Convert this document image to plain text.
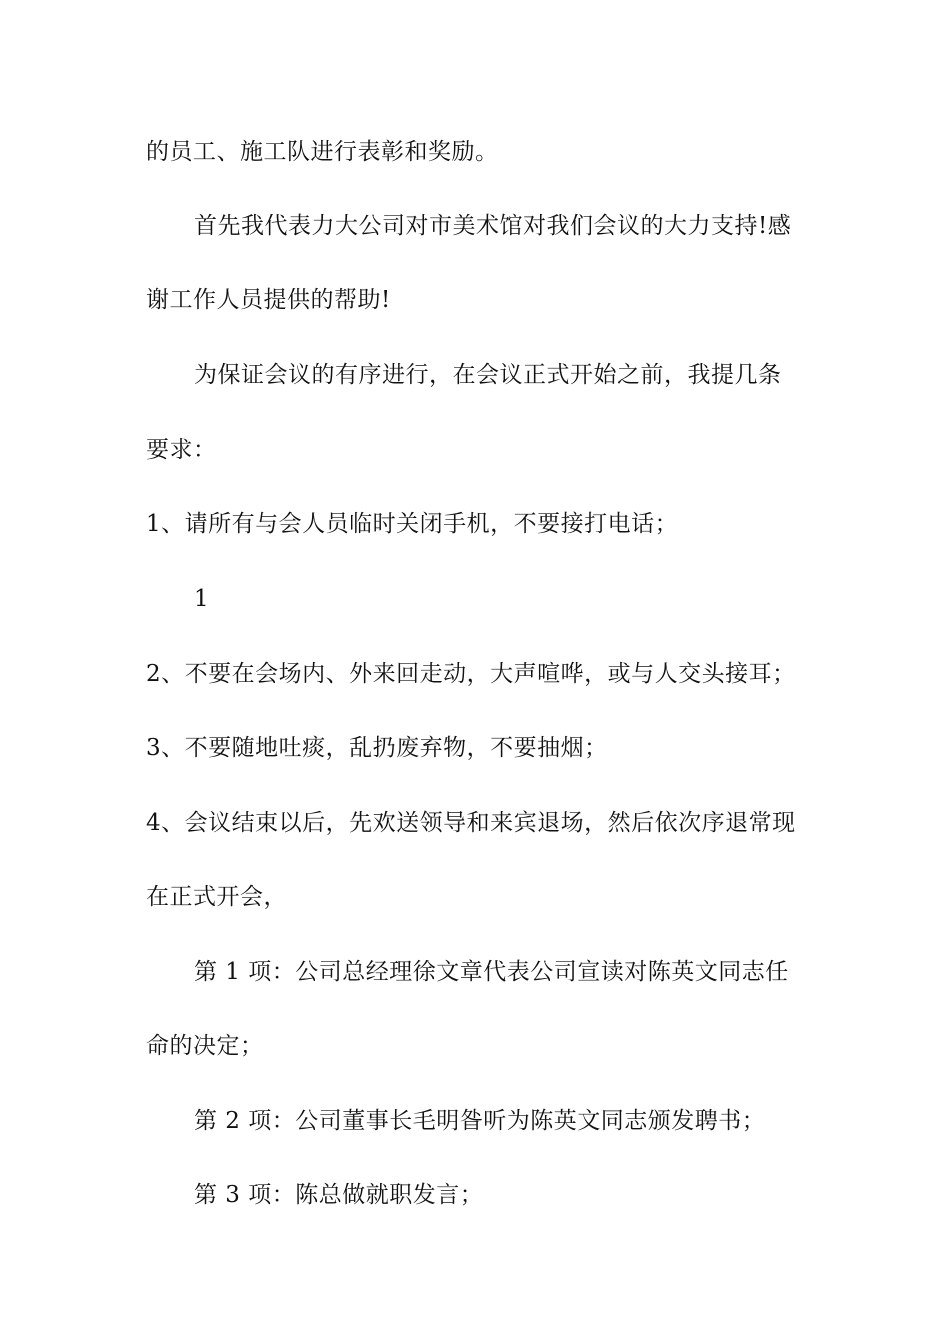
的员工、施工队进行表彰和奖励。
首先我代表力大公司对市美术馆对我们会议的大力支持!感
谢工作人员提供的帮助!
为保证会议的有序进行，在会议正式开始之前，我提几条
要求：
1、请所有与会人员临时关闭手机，不要接打电话；
1
2、不要在会场内、外来回走动，大声喧哗，或与人交头接耳；
3、不要随地吐痰，乱扔废弃物，不要抽烟；
4、会议结束以后，先欢送领导和来宾退场，然后依次序退常现
在正式开会，
第 1 项：公司总经理徐文章代表公司宣读对陈英文同志任
命的决定；
第 2 项：公司董事长毛明昝听为陈英文同志颁发聘书；
第 3 项：陈总做就职发言；
